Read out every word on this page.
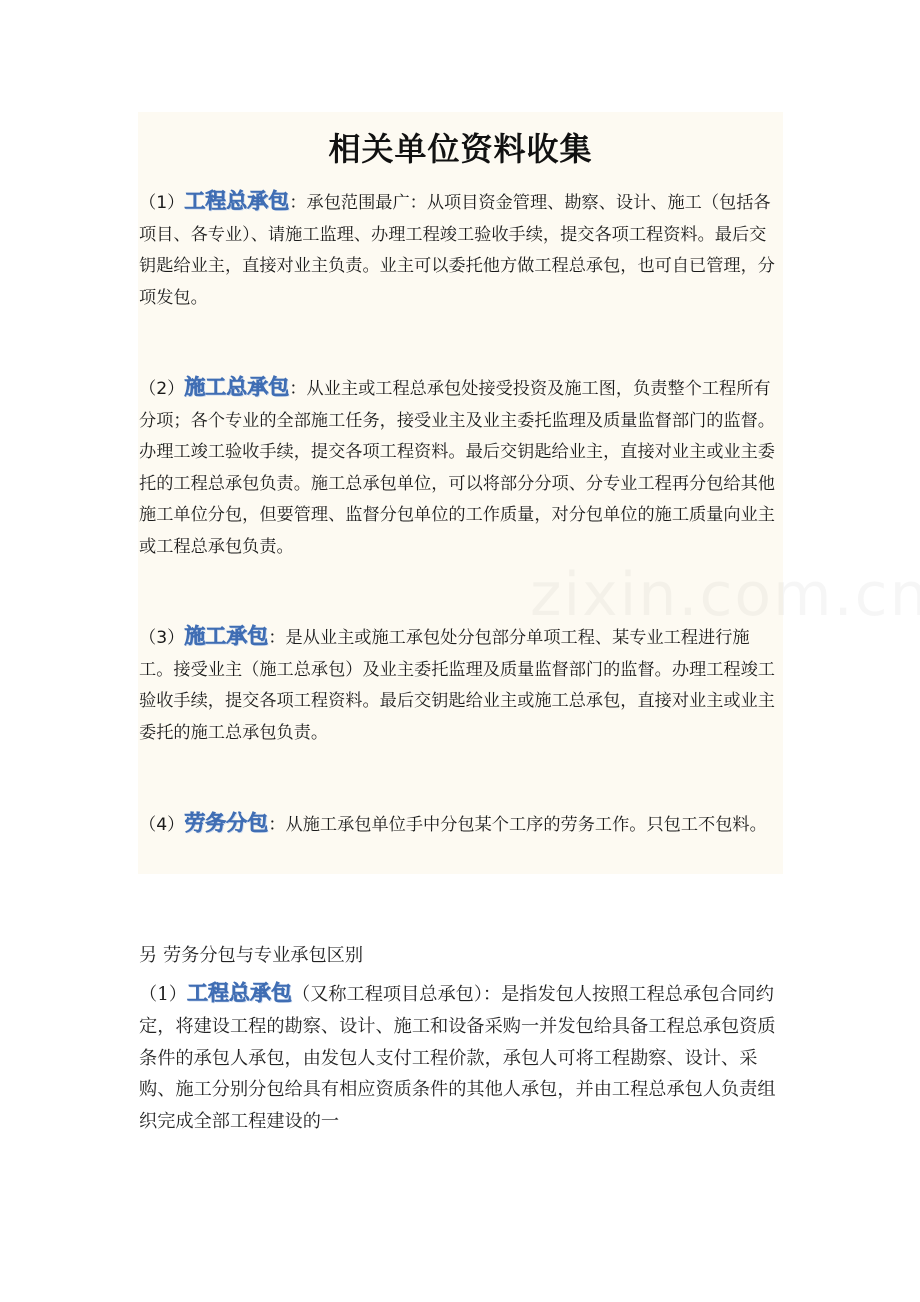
相关单位资料收集
（1）工程总承包：承包范围最广：从项目资金管理、勘察、设计、施工（包括各项目、各专业）、请施工监理、办理工程竣工验收手续，提交各项工程资料。最后交钥匙给业主，直接对业主负责。业主可以委托他方做工程总承包，也可自已管理，分项发包。
（2）施工总承包：从业主或工程总承包处接受投资及施工图，负责整个工程所有分项；各个专业的全部施工任务，接受业主及业主委托监理及质量监督部门的监督。办理工竣工验收手续，提交各项工程资料。最后交钥匙给业主，直接对业主或业主委托的工程总承包负责。施工总承包单位，可以将部分分项、分专业工程再分包给其他施工单位分包，但要管理、监督分包单位的工作质量，对分包单位的施工质量向业主或工程总承包负责。
（3）施工承包：是从业主或施工承包处分包部分单项工程、某专业工程进行施工。接受业主（施工总承包）及业主委托监理及质量监督部门的监督。办理工程竣工验收手续，提交各项工程资料。最后交钥匙给业主或施工总承包，直接对业主或业主委托的施工总承包负责。
（4）劳务分包：从施工承包单位手中分包某个工序的劳务工作。只包工不包料。
另 劳务分包与专业承包区别
（1）工程总承包（又称工程项目总承包）：是指发包人按照工程总承包合同约定，将建设工程的勘察、设计、施工和设备采购一并发包给具备工程总承包资质条件的承包人承包，由发包人支付工程价款，承包人可将工程勘察、设计、采购、施工分别分包给具有相应资质条件的其他人承包，并由工程总承包人负责组织完成全部工程建设的一
